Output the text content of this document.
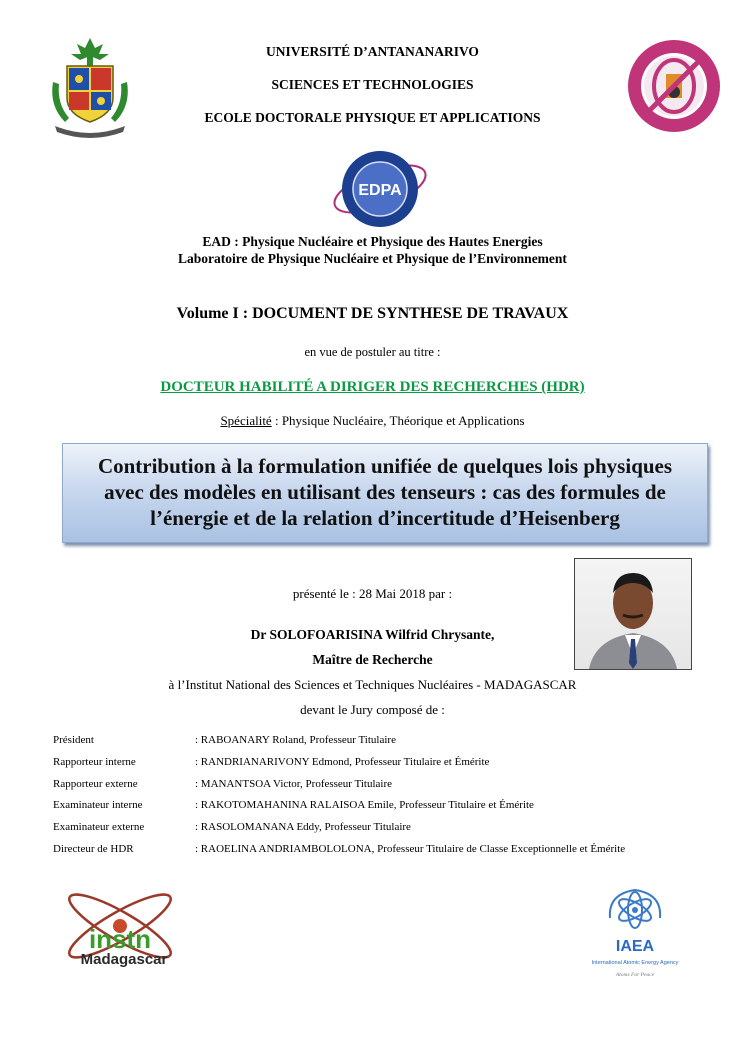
UNIVERSITÉ D’ANTANANARIVO
SCIENCES ET TECHNOLOGIES
ECOLE DOCTORALE PHYSIQUE ET APPLICATIONS
EDPA
EAD : Physique Nucléaire et Physique des Hautes Energies
Laboratoire de Physique Nucléaire et Physique de l’Environnement
Volume I : DOCUMENT DE SYNTHESE DE TRAVAUX
en vue de postuler au titre :
DOCTEUR HABILITÉ A DIRIGER DES RECHERCHES (HDR)
Spécialité : Physique Nucléaire, Théorique et Applications
Contribution à la formulation unifiée de quelques lois physiques
avec des modèles en utilisant des tenseurs : cas des formules de
l’énergie et de la relation d’incertitude d’Heisenberg
présenté le : 28 Mai 2018 par :
Dr SOLOFOARISINA Wilfrid Chrysante,
Maître de Recherche
à l’Institut National des Sciences et Techniques Nucléaires - MADAGASCAR
devant le Jury composé de :
Président	: RABOANARY Roland, Professeur Titulaire
Rapporteur interne	: RANDRIANARIVONY Edmond, Professeur Titulaire et Émérite
Rapporteur externe	: MANANTSOA Victor, Professeur Titulaire
Examinateur interne	: RAKOTOMAHANINA RALAISOA Emile, Professeur Titulaire et Émérite
Examinateur externe	: RASOLOMANANA Eddy, Professeur Titulaire
Directeur de HDR	: RAOELINA ANDRIAMBOLOLONA, Professeur Titulaire de Classe Exceptionnelle et Émérite
instn
Madagascar
IAEA
International Atomic Energy Agency
Atoms For Peace
